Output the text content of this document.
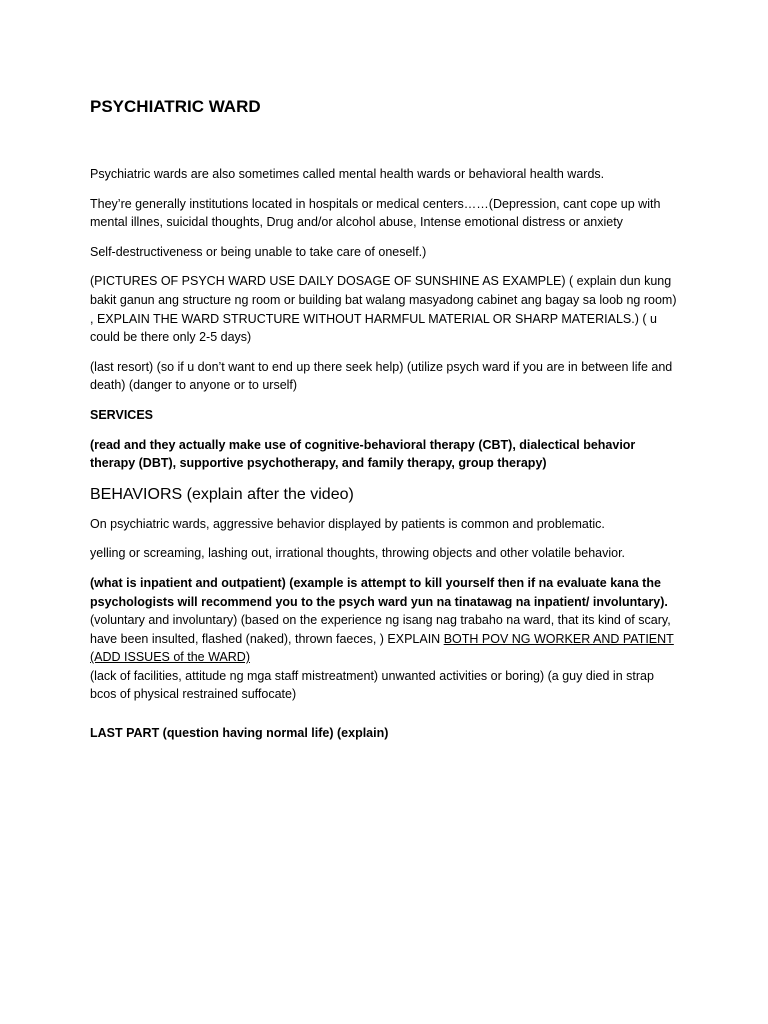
PSYCHIATRIC WARD

Psychiatric wards are also sometimes called mental health wards or behavioral health wards.

They’re generally institutions located in hospitals or medical centers……(Depression, cant cope up with mental illnes, suicidal thoughts, Drug and/or alcohol abuse, Intense emotional distress or anxiety

Self-destructiveness or being unable to take care of oneself.)

(PICTURES OF PSYCH WARD USE DAILY DOSAGE OF SUNSHINE AS EXAMPLE) ( explain dun kung bakit ganun ang structure ng room or building bat walang masyadong cabinet ang bagay sa loob ng room) , EXPLAIN THE WARD STRUCTURE WITHOUT HARMFUL MATERIAL OR SHARP MATERIALS.) ( u could be there only 2-5 days)

(last resort) (so if u don’t want to end up there seek help) (utilize psych ward if you are in between life and death) (danger to anyone or to urself)

SERVICES

(read and they actually make use of cognitive-behavioral therapy (CBT), dialectical behavior therapy (DBT), supportive psychotherapy, and family therapy, group therapy)

BEHAVIORS (explain after the video)

On psychiatric wards, aggressive behavior displayed by patients is common and problematic.

yelling or screaming, lashing out, irrational thoughts, throwing objects and other volatile behavior.

(what is inpatient and outpatient) (example is attempt to kill yourself then if na evaluate kana the psychologists will recommend you to the psych ward yun na tinatawag na inpatient/ involuntary).

(voluntary and involuntary) (based on the experience ng isang nag trabaho na ward, that its kind of scary, have been insulted, flashed (naked), thrown faeces, ) EXPLAIN BOTH POV NG WORKER AND PATIENT (ADD ISSUES of the WARD)

(lack of facilities, attitude ng mga staff mistreatment) unwanted activities or boring) (a guy died in strap bcos of physical restrained suffocate)

LAST PART (question having normal life) (explain)
